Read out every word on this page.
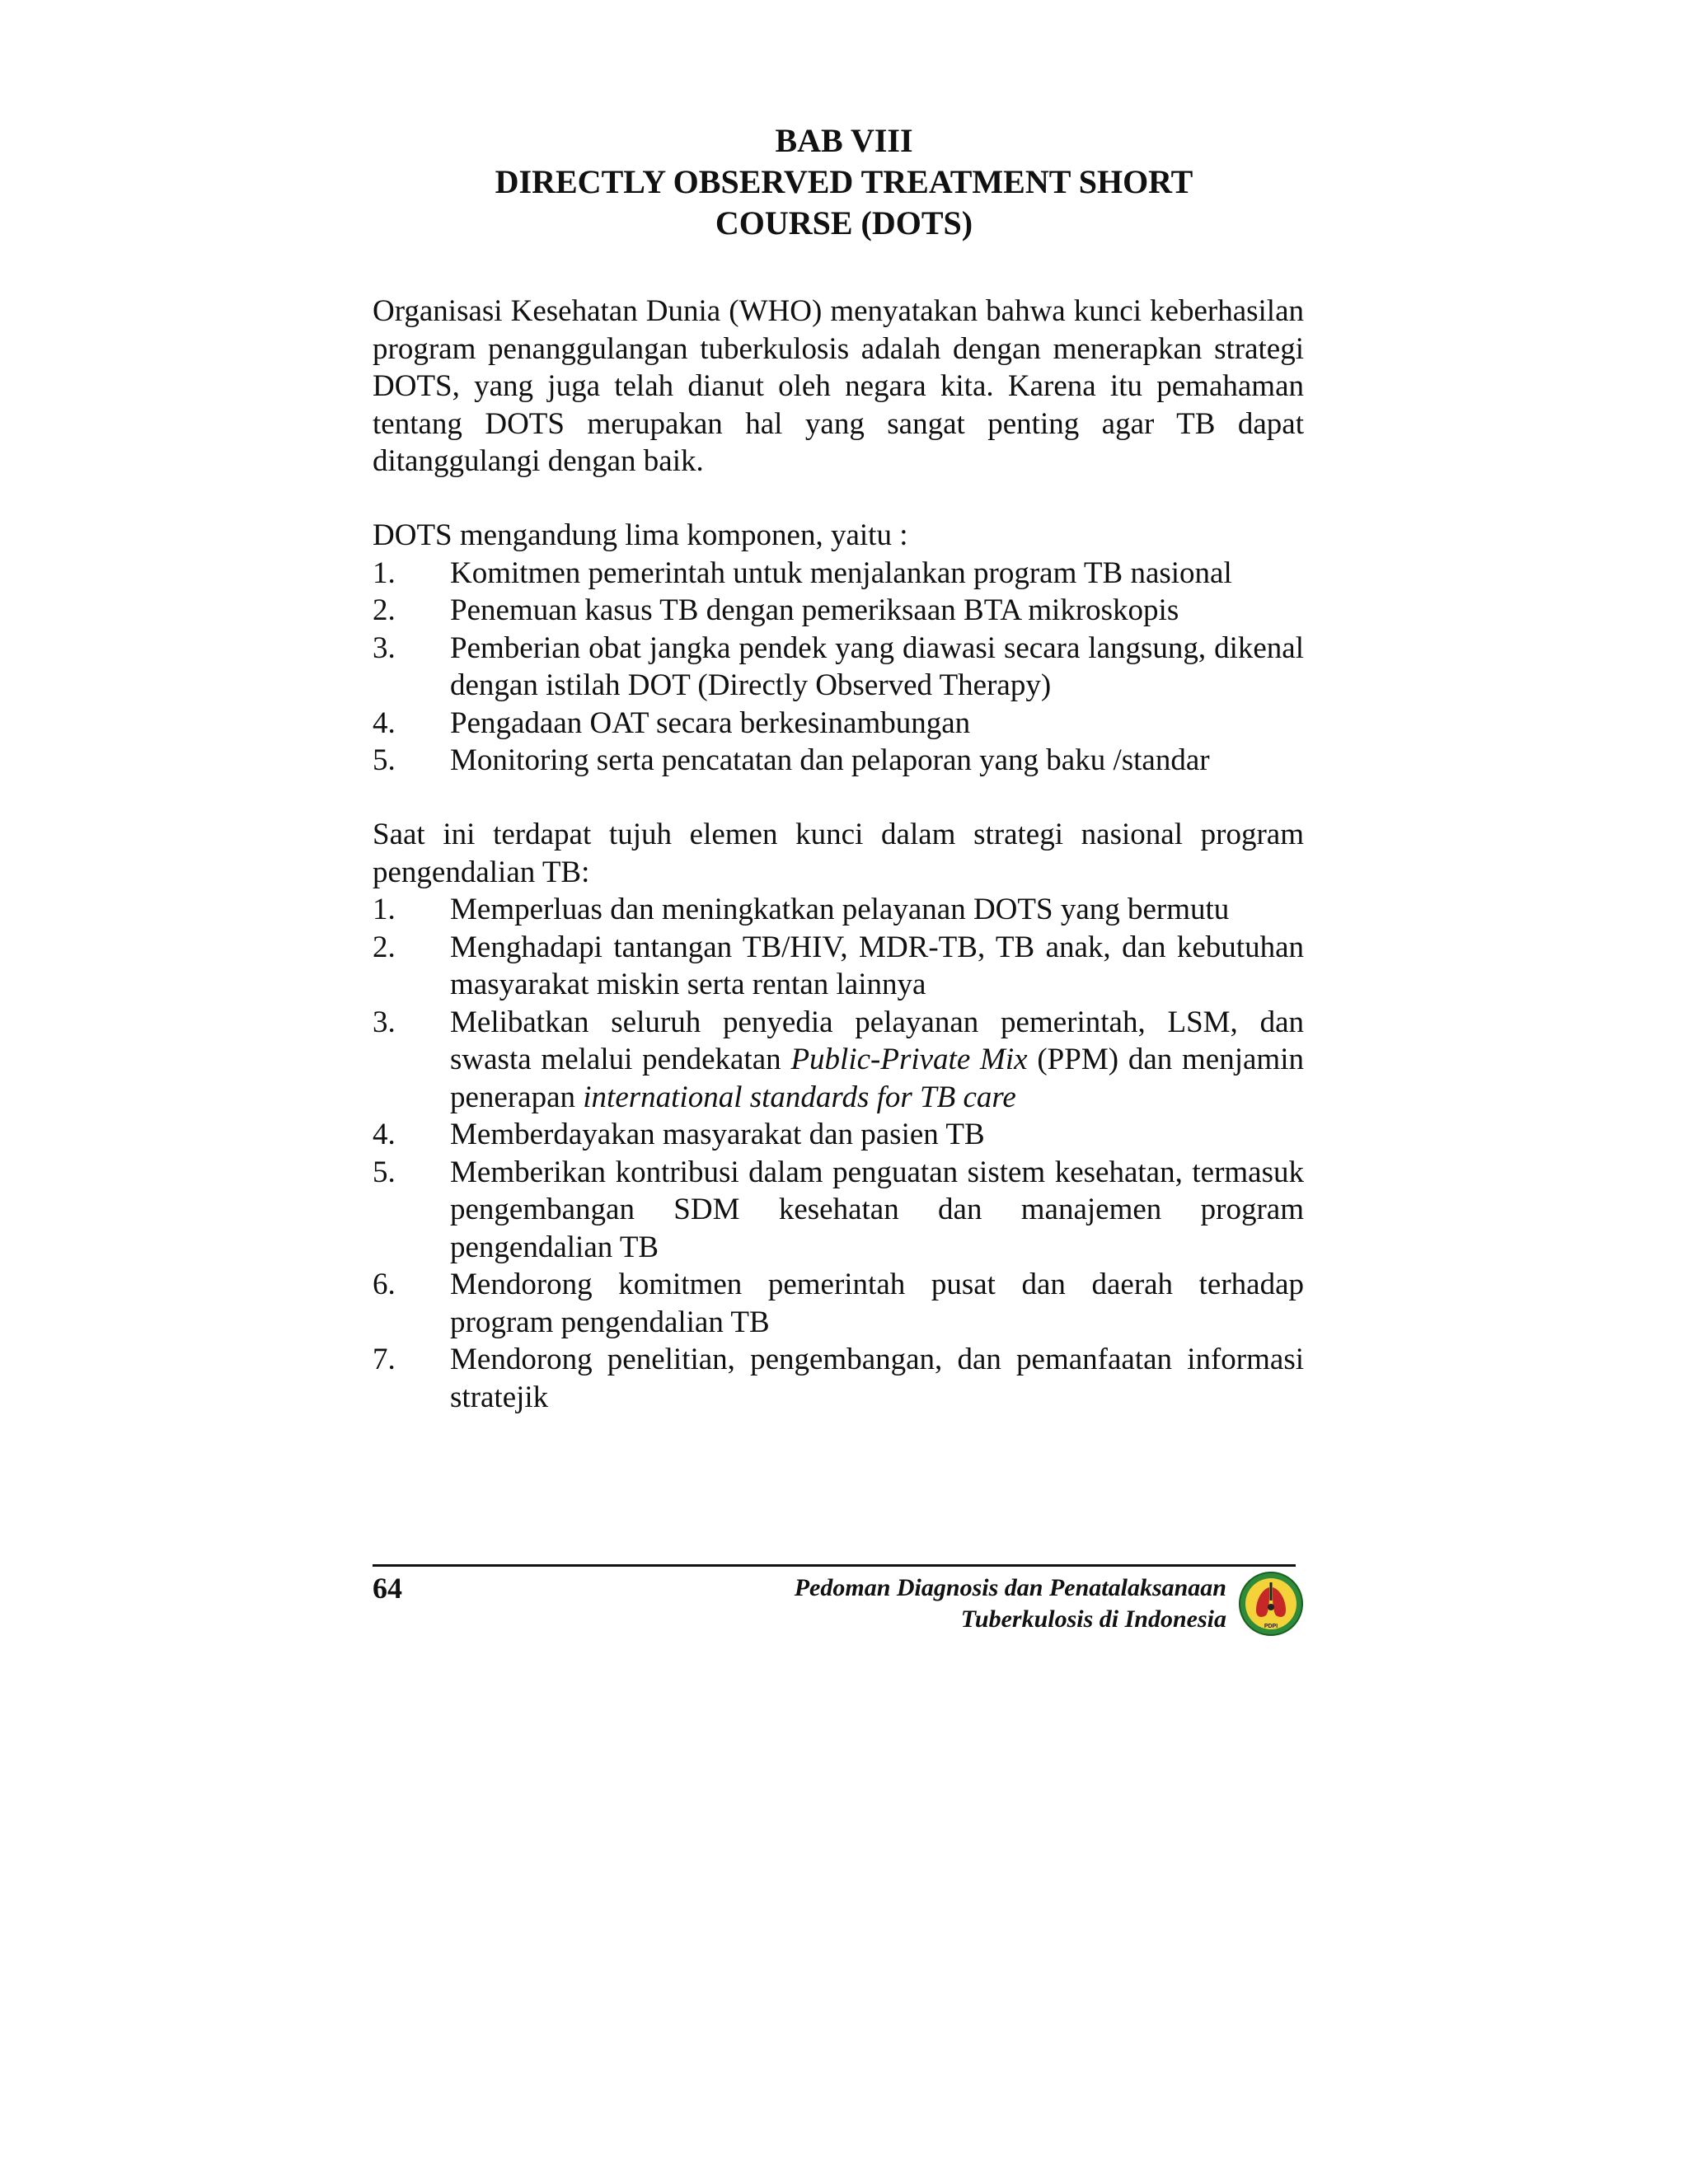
BAB VIII
DIRECTLY OBSERVED TREATMENT SHORT
COURSE (DOTS)

Organisasi Kesehatan Dunia (WHO) menyatakan bahwa kunci keberhasilan program penanggulangan tuberkulosis adalah dengan menerapkan strategi DOTS, yang juga telah dianut oleh negara kita. Karena itu pemahaman tentang DOTS merupakan hal yang sangat penting agar TB dapat ditanggulangi dengan baik.

DOTS mengandung lima komponen, yaitu :

1. Komitmen pemerintah untuk menjalankan program TB nasional
2. Penemuan kasus TB dengan pemeriksaan BTA mikroskopis
3. Pemberian obat jangka pendek yang diawasi secara langsung, dikenal dengan istilah DOT (Directly Observed Therapy)
4. Pengadaan OAT secara berkesinambungan
5. Monitoring serta pencatatan dan pelaporan yang baku /standar

Saat ini terdapat tujuh elemen kunci dalam strategi nasional program pengendalian TB:

1. Memperluas dan meningkatkan pelayanan DOTS yang bermutu
2. Menghadapi tantangan TB/HIV, MDR-TB, TB anak, dan kebutuhan masyarakat miskin serta rentan lainnya
3. Melibatkan seluruh penyedia pelayanan pemerintah, LSM, dan swasta melalui pendekatan Public-Private Mix (PPM) dan menjamin penerapan international standards for TB care
4. Memberdayakan masyarakat dan pasien TB
5. Memberikan kontribusi dalam penguatan sistem kesehatan, termasuk pengembangan SDM kesehatan dan manajemen program pengendalian TB
6. Mendorong komitmen pemerintah pusat dan daerah terhadap program pengendalian TB
7. Mendorong penelitian, pengembangan, dan pemanfaatan informasi stratejik
64	Pedoman Diagnosis dan Penatalaksanaan
Tuberkulosis di Indonesia	PDPI
